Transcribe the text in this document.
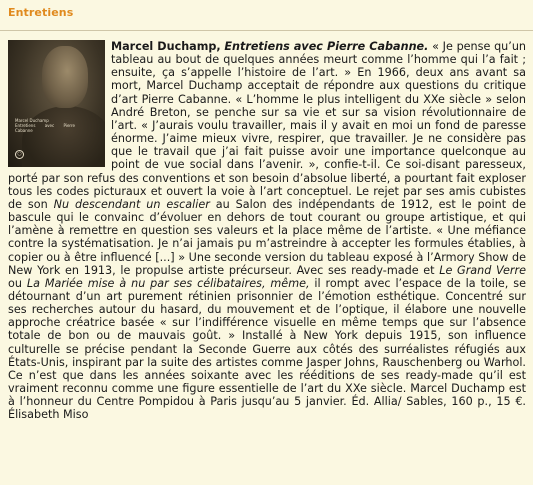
Entretiens
Marcel Duchamp
Entretiens avec Pierre Cabanne
○
Marcel Duchamp, Entretiens avec Pierre Cabanne. « Je pense qu’un tableau au bout de quelques années meurt comme l’homme qui l’a fait ; ensuite, ça s’appelle l’histoire de l’art. » En 1966, deux ans avant sa mort, Marcel Duchamp acceptait de répondre aux questions du critique d’art Pierre Cabanne. « L’homme le plus intelligent du XXe siècle » selon André Breton, se penche sur sa vie et sur sa vision révolutionnaire de l’art. « J’aurais voulu travailler, mais il y avait en moi un fond de paresse énorme. J’aime mieux vivre, respirer, que travailler. Je ne considère pas que le travail que j’ai fait puisse avoir une importance quelconque au point de vue social dans l’avenir. », confie-t-il. Ce soi-disant paresseux, porté par son refus des conventions et son besoin d’absolue liberté, a pourtant fait exploser tous les codes picturaux et ouvert la voie à l’art conceptuel. Le rejet par ses amis cubistes de son Nu descendant un escalier au Salon des indépendants de 1912, est le point de bascule qui le convainc d’évoluer en dehors de tout courant ou groupe artistique, et qui l’amène à remettre en question ses valeurs et la place même de l’artiste. « Une méfiance contre la systématisation. Je n’ai jamais pu m’astreindre à accepter les formules établies, à copier ou à être influencé [...] » Une seconde version du tableau exposé à l’Armory Show de New York en 1913, le propulse artiste précurseur. Avec ses ready-made et Le Grand Verre ou La Mariée mise à nu par ses célibataires, même, il rompt avec l’espace de la toile, se détournant d’un art purement rétinien prisonnier de l’émotion esthétique. Concentré sur ses recherches autour du hasard, du mouvement et de l’optique, il élabore une nouvelle approche créatrice basée « sur l’indifférence visuelle en même temps que sur l’absence totale de bon ou de mauvais goût. » Installé à New York depuis 1915, son influence culturelle se précise pendant la Seconde Guerre aux côtés des surréalistes réfugiés aux États-Unis, inspirant par la suite des artistes comme Jasper Johns, Rauschenberg ou Warhol. Ce n’est que dans les années soixante avec les rééditions de ses ready-made qu’il est vraiment reconnu comme une figure essentielle de l’art du XXe siècle. Marcel Duchamp est à l’honneur du Centre Pompidou à Paris jusqu’au 5 janvier. Éd. Allia/ Sables, 160 p., 15 €. Élisabeth Miso
